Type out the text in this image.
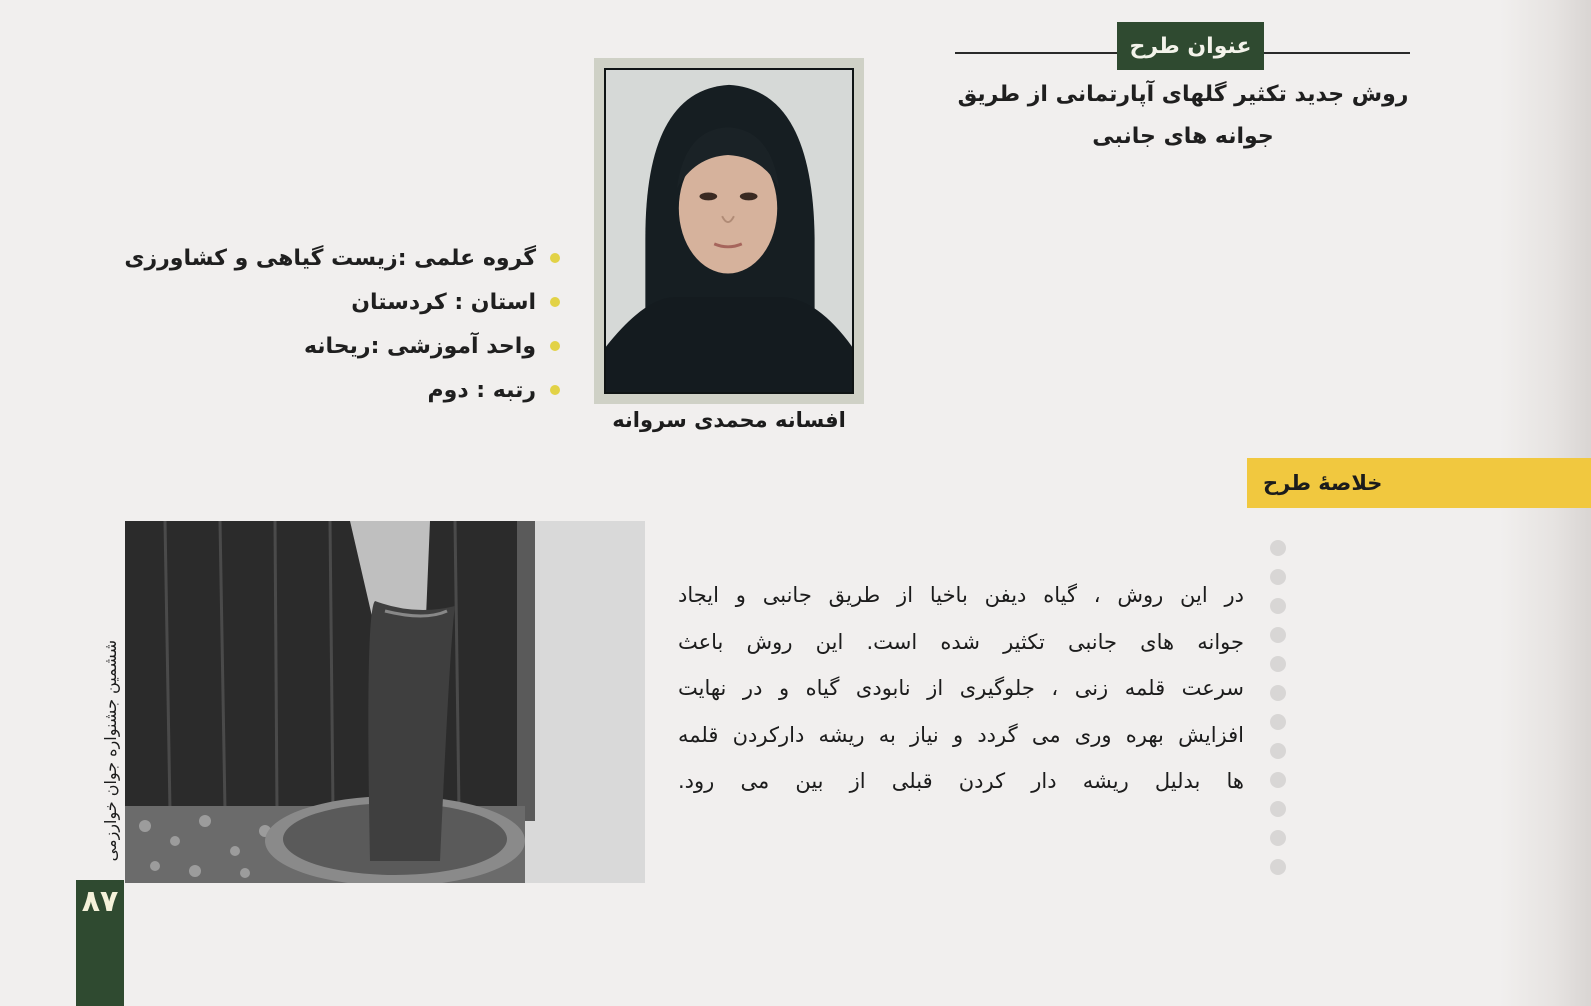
عنوان طرح
روش جدید تکثیر گلهای آپارتمانی از طریق
جوانه های جانبی
افسانه محمدی سروانه
گروه علمی :زیست گیاهی و کشاورزی
استان : کردستان
واحد آموزشی :ریحانه
رتبه : دوم
خلاصهٔ طرح
در این روش ، گیاه دیفن باخیا از طریق جانبی و ایجاد
جوانه های جانبی تکثیر شده است. این روش باعث
سرعت قلمه زنی ، جلوگیری از نابودی گیاه و در نهایت
افزایش بهره وری می گردد و نیاز به ریشه دارکردن قلمه
ها بدلیل ریشه دار کردن قبلی از بین می رود.
ششمین جشنواره جوان خوارزمی
۸۷
